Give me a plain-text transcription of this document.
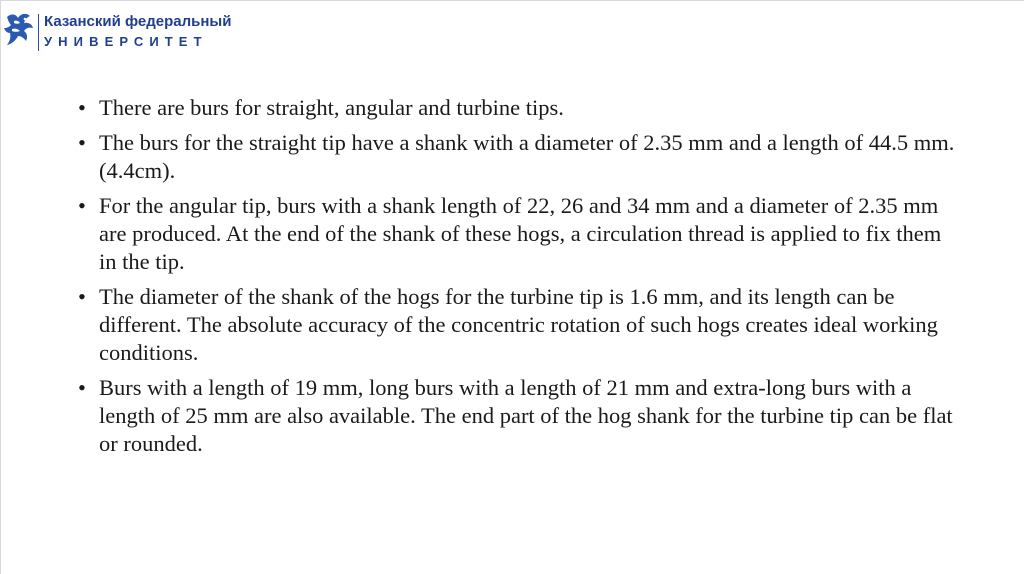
Казанский федеральный
УНИВЕРСИТЕТ
• There are burs for straight, angular and turbine tips.
• The burs for the straight tip have a shank with a diameter of 2.35 mm and a length of 44.5 mm.(4.4cm).
• For the angular tip, burs with a shank length of 22, 26 and 34 mm and a diameter of 2.35 mm are produced. At the end of the shank of these hogs, a circulation thread is applied to fix them in the tip.
• The diameter of the shank of the hogs for the turbine tip is 1.6 mm, and its length can be different. The absolute accuracy of the concentric rotation of such hogs creates ideal working conditions.
• Burs with a length of 19 mm, long burs with a length of 21 mm and extra-long burs with a length of 25 mm are also available. The end part of the hog shank for the turbine tip can be flat or rounded.
